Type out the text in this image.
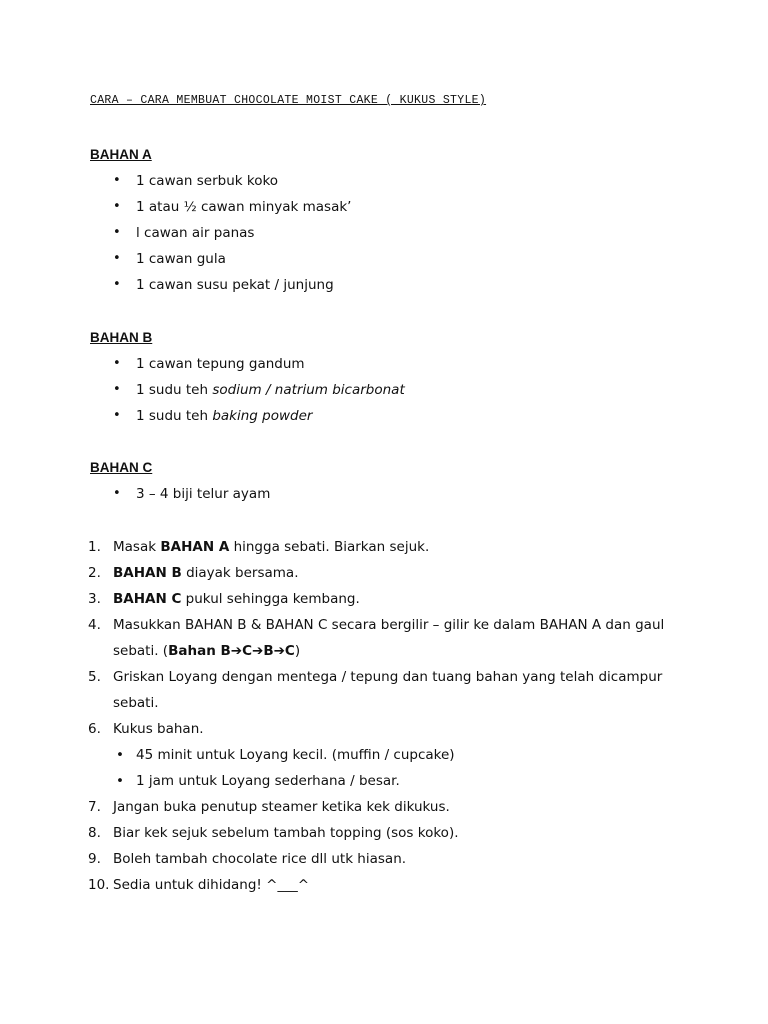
CARA – CARA MEMBUAT CHOCOLATE MOIST CAKE ( KUKUS STYLE)
BAHAN A
• 1 cawan serbuk koko
• 1 atau ½ cawan minyak masak’
• l cawan air panas
• 1 cawan gula
• 1 cawan susu pekat / junjung
BAHAN B
• 1 cawan tepung gandum
• 1 sudu teh sodium / natrium bicarbonat
• 1 sudu teh baking powder
BAHAN C
• 3 – 4 biji telur ayam
1. Masak BAHAN A hingga sebati. Biarkan sejuk.
2. BAHAN B diayak bersama.
3. BAHAN C pukul sehingga kembang.
4. Masukkan BAHAN B & BAHAN C secara bergilir – gilir ke dalam BAHAN A dan gaul
sebati. (Bahan B➔C➔B➔C)
5. Griskan Loyang dengan mentega / tepung dan tuang bahan yang telah dicampur
sebati.
6. Kukus bahan.
• 45 minit untuk Loyang kecil. (muffin / cupcake)
• 1 jam untuk Loyang sederhana / besar.
7. Jangan buka penutup steamer ketika kek dikukus.
8. Biar kek sejuk sebelum tambah topping (sos koko).
9. Boleh tambah chocolate rice dll utk hiasan.
10. Sedia untuk dihidang! ^___^
